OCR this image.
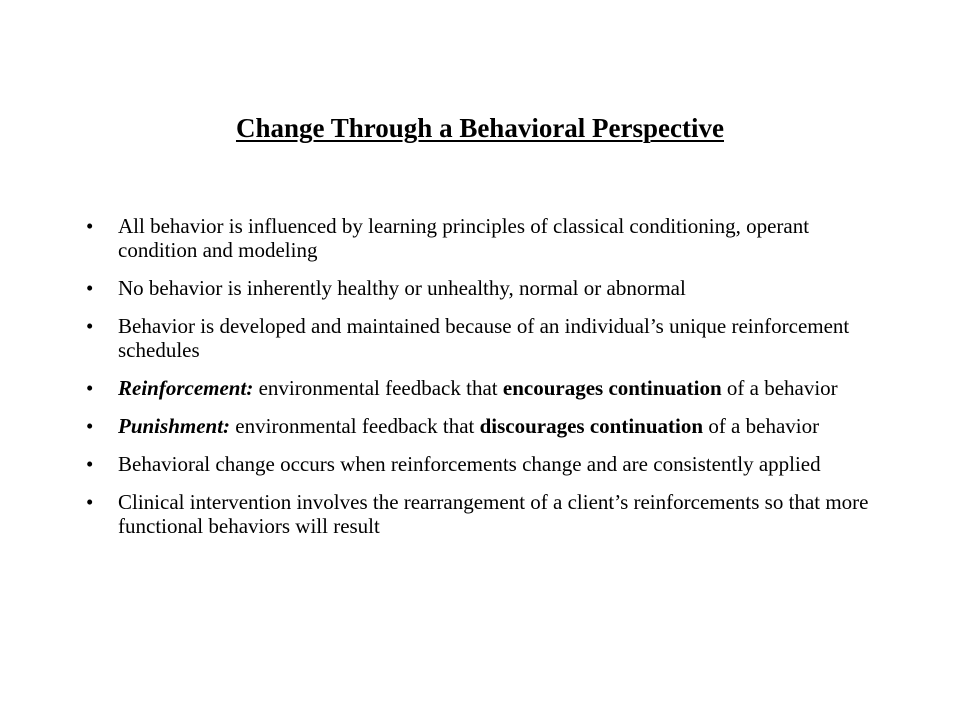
Change Through a Behavioral Perspective
•	All behavior is influenced by learning principles of classical conditioning, operant condition and modeling
•	No behavior is inherently healthy or unhealthy, normal or abnormal
•	Behavior is developed and maintained because of an individual’s unique reinforcement schedules
•	Reinforcement: environmental feedback that encourages continuation of a behavior
•	Punishment: environmental feedback that discourages continuation of a behavior
•	Behavioral change occurs when reinforcements change and are consistently applied
•	Clinical intervention involves the rearrangement of a client’s reinforcements so that more functional behaviors will result
